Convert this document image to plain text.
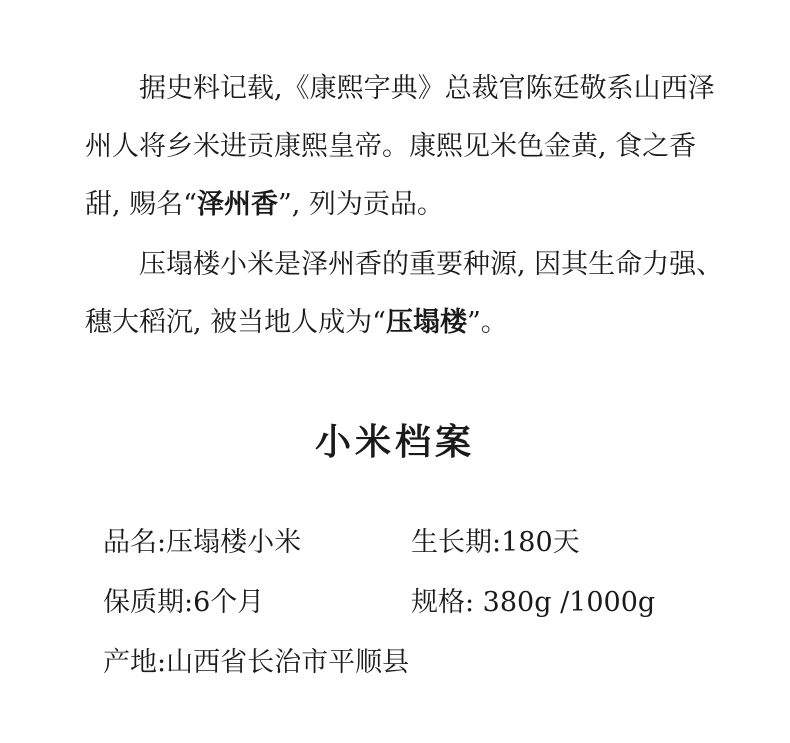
据史料记载,《康熙字典》总裁官陈廷敬系山西泽州人将乡米进贡康熙皇帝。康熙见米色金黄, 食之香甜, 赐名“泽州香”, 列为贡品。

压塌楼小米是泽州香的重要种源, 因其生命力强、穗大稻沉, 被当地人成为“压塌楼”。

小米档案
品名:压塌楼小米	生长期:180天
保质期:6个月	规格: 380g /1000g
产地:山西省长治市平顺县
